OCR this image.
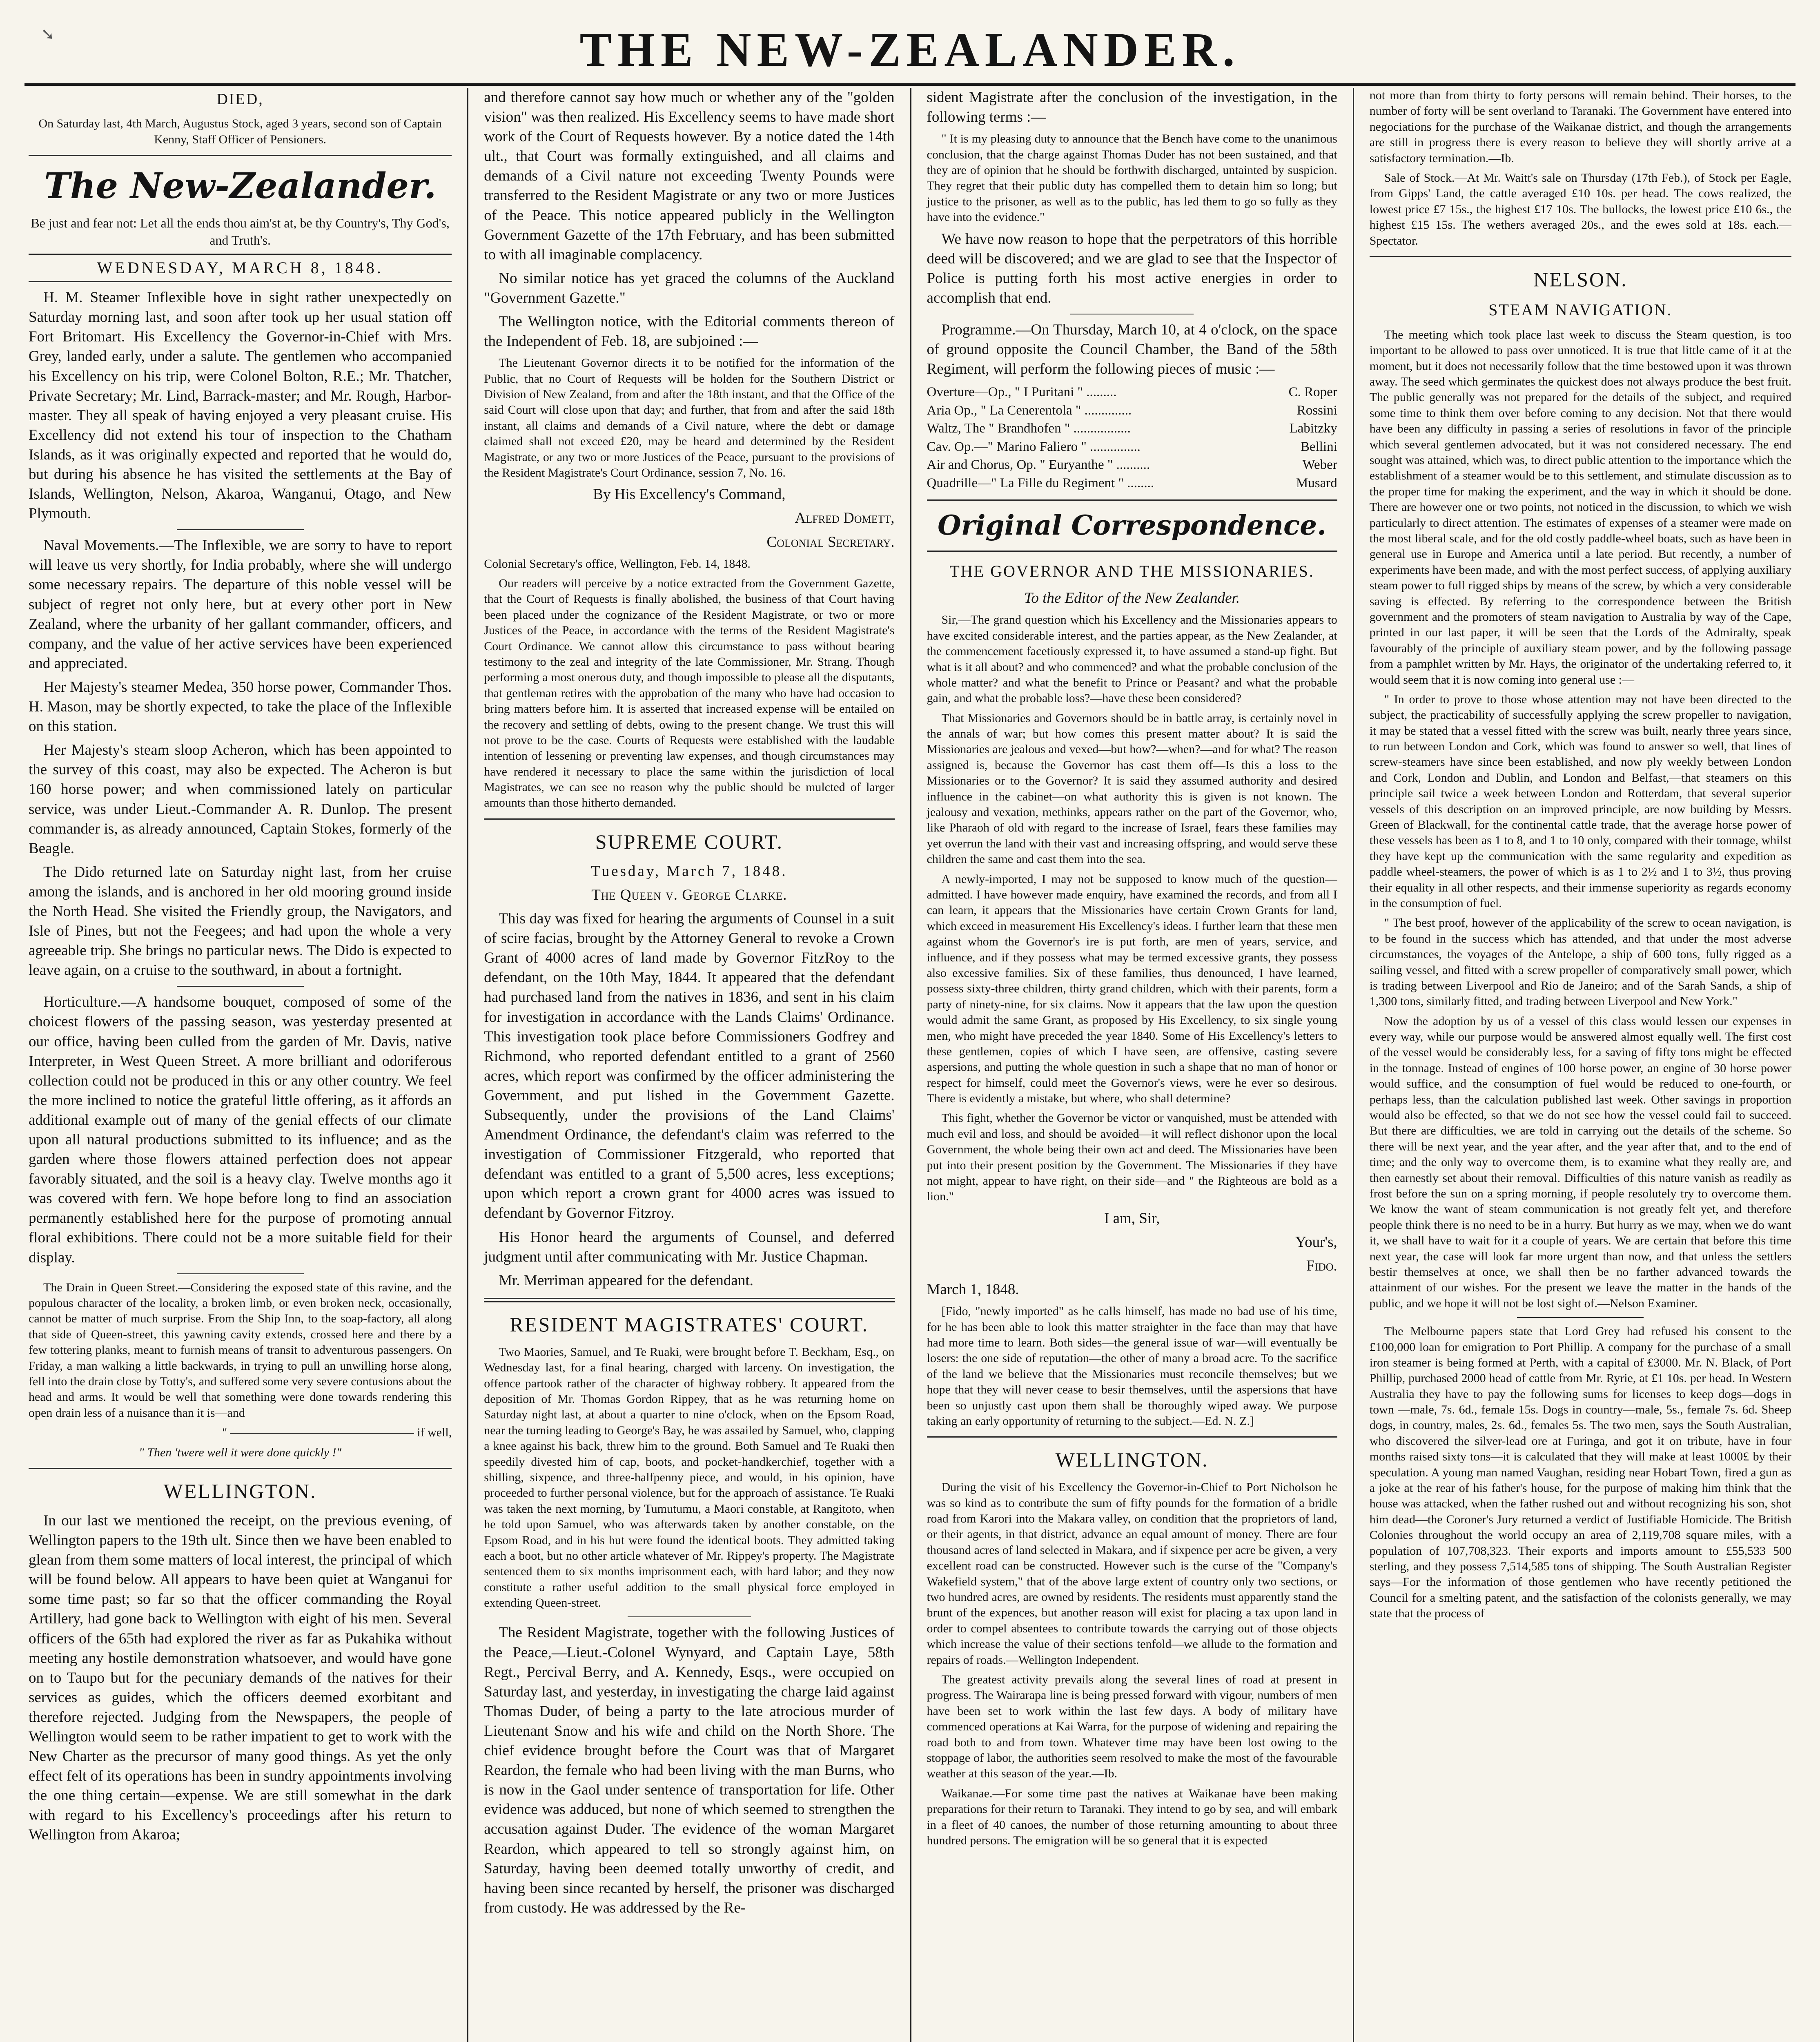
➘	THE NEW-ZEALANDER.
DIED,

On Saturday last, 4th March, Augustus Stock, aged 3 years, second son of Captain Kenny, Staff Officer of Pensioners.

The New-Zealander.

Be just and fear not: Let all the ends thou aim'st at, be thy Country's, Thy God's, and Truth's.

WEDNESDAY, MARCH 8, 1848.

H. M. Steamer Inflexible hove in sight rather unexpectedly on Saturday morning last, and soon after took up her usual station off Fort Britomart. His Excellency the Governor-in-Chief with Mrs. Grey, landed early, under a salute. The gentlemen who accompanied his Excellency on his trip, were Colonel Bolton, R.E.; Mr. Thatcher, Private Secretary; Mr. Lind, Barrack-master; and Mr. Rough, Harbor-master. They all speak of having enjoyed a very pleasant cruise. His Excellency did not extend his tour of inspection to the Chatham Islands, as it was originally expected and reported that he would do, but during his absence he has visited the settlements at the Bay of Islands, Wellington, Nelson, Akaroa, Wanganui, Otago, and New Plymouth.

Naval Movements.—The Inflexible, we are sorry to have to report will leave us very shortly, for India probably, where she will undergo some necessary repairs. The departure of this noble vessel will be subject of regret not only here, but at every other port in New Zealand, where the urbanity of her gallant commander, officers, and company, and the value of her active services have been experienced and appreciated.

Her Majesty's steamer Medea, 350 horse power, Commander Thos. H. Mason, may be shortly expected, to take the place of the Inflexible on this station.

Her Majesty's steam sloop Acheron, which has been appointed to the survey of this coast, may also be expected. The Acheron is but 160 horse power; and when commissioned lately on particular service, was under Lieut.-Commander A. R. Dunlop. The present commander is, as already announced, Captain Stokes, formerly of the Beagle.

The Dido returned late on Saturday night last, from her cruise among the islands, and is anchored in her old mooring ground inside the North Head. She visited the Friendly group, the Navigators, and Isle of Pines, but not the Feegees; and had upon the whole a very agreeable trip. She brings no particular news. The Dido is expected to leave again, on a cruise to the southward, in about a fortnight.

Horticulture.—A handsome bouquet, composed of some of the choicest flowers of the passing season, was yesterday presented at our office, having been culled from the garden of Mr. Davis, native Interpreter, in West Queen Street. A more brilliant and odoriferous collection could not be produced in this or any other country. We feel the more inclined to notice the grateful little offering, as it affords an additional example out of many of the genial effects of our climate upon all natural productions submitted to its influence; and as the garden where those flowers attained perfection does not appear favorably situated, and the soil is a heavy clay. Twelve months ago it was covered with fern. We hope before long to find an association permanently established here for the purpose of promoting annual floral exhibitions. There could not be a more suitable field for their display.

The Drain in Queen Street.—Considering the exposed state of this ravine, and the populous character of the locality, a broken limb, or even broken neck, occasionally, cannot be matter of much surprise. From the Ship Inn, to the soap-factory, all along that side of Queen-street, this yawning cavity extends, crossed here and there by a few tottering planks, meant to furnish means of transit to adventurous passengers. On Friday, a man walking a little backwards, in trying to pull an unwilling horse along, fell into the drain close by Totty's, and suffered some very severe contusions about the head and arms. It would be well that something were done towards rendering this open drain less of a nuisance than it is—and

" ——————————————— if well,

" Then 'twere well it were done quickly !"

WELLINGTON.

In our last we mentioned the receipt, on the previous evening, of Wellington papers to the 19th ult. Since then we have been enabled to glean from them some matters of local interest, the principal of which will be found below. All appears to have been quiet at Wanganui for some time past; so far so that the officer commanding the Royal Artillery, had gone back to Wellington with eight of his men. Several officers of the 65th had explored the river as far as Pukahika without meeting any hostile demonstration whatsoever, and would have gone on to Taupo but for the pecuniary demands of the natives for their services as guides, which the officers deemed exorbitant and therefore rejected. Judging from the Newspapers, the people of Wellington would seem to be rather impatient to get to work with the New Charter as the precursor of many good things. As yet the only effect felt of its operations has been in sundry appointments involving the one thing certain—expense. We are still somewhat in the dark with regard to his Excellency's proceedings after his return to Wellington from Akaroa;

and therefore cannot say how much or whether any of the "golden vision" was then realized. His Excellency seems to have made short work of the Court of Requests however. By a notice dated the 14th ult., that Court was formally extinguished, and all claims and demands of a Civil nature not exceeding Twenty Pounds were transferred to the Resident Magistrate or any two or more Justices of the Peace. This notice appeared publicly in the Wellington Government Gazette of the 17th February, and has been submitted to with all imaginable complacency.

No similar notice has yet graced the columns of the Auckland "Government Gazette."

The Wellington notice, with the Editorial comments thereon of the Independent of Feb. 18, are subjoined :—

The Lieutenant Governor directs it to be notified for the information of the Public, that no Court of Requests will be holden for the Southern District or Division of New Zealand, from and after the 18th instant, and that the Office of the said Court will close upon that day; and further, that from and after the said 18th instant, all claims and demands of a Civil nature, where the debt or damage claimed shall not exceed £20, may be heard and determined by the Resident Magistrate, or any two or more Justices of the Peace, pursuant to the provisions of the Resident Magistrate's Court Ordinance, session 7, No. 16.

By His Excellency's Command,

Alfred Domett,

Colonial Secretary.

Colonial Secretary's office, Wellington, Feb. 14, 1848.

Our readers will perceive by a notice extracted from the Government Gazette, that the Court of Requests is finally abolished, the business of that Court having been placed under the cognizance of the Resident Magistrate, or two or more Justices of the Peace, in accordance with the terms of the Resident Magistrate's Court Ordinance. We cannot allow this circumstance to pass without bearing testimony to the zeal and integrity of the late Commissioner, Mr. Strang. Though performing a most onerous duty, and though impossible to please all the disputants, that gentleman retires with the approbation of the many who have had occasion to bring matters before him. It is asserted that increased expense will be entailed on the recovery and settling of debts, owing to the present change. We trust this will not prove to be the case. Courts of Requests were established with the laudable intention of lessening or preventing law expenses, and though circumstances may have rendered it necessary to place the same within the jurisdiction of local Magistrates, we can see no reason why the public should be mulcted of larger amounts than those hitherto demanded.

SUPREME COURT.

Tuesday, March 7, 1848.

The Queen v. George Clarke.

This day was fixed for hearing the arguments of Counsel in a suit of scire facias, brought by the Attorney General to revoke a Crown Grant of 4000 acres of land made by Governor FitzRoy to the defendant, on the 10th May, 1844. It appeared that the defendant had purchased land from the natives in 1836, and sent in his claim for investigation in accordance with the Lands Claims' Ordinance. This investigation took place before Commissioners Godfrey and Richmond, who reported defendant entitled to a grant of 2560 acres, which report was confirmed by the officer administering the Government, and put lished in the Government Gazette. Subsequently, under the provisions of the Land Claims' Amendment Ordinance, the defendant's claim was referred to the investigation of Commissioner Fitzgerald, who reported that defendant was entitled to a grant of 5,500 acres, less exceptions; upon which report a crown grant for 4000 acres was issued to defendant by Governor Fitzroy.

His Honor heard the arguments of Counsel, and deferred judgment until after communicating with Mr. Justice Chapman.

Mr. Merriman appeared for the defendant.

RESIDENT MAGISTRATES' COURT.

Two Maories, Samuel, and Te Ruaki, were brought before T. Beckham, Esq., on Wednesday last, for a final hearing, charged with larceny. On investigation, the offence partook rather of the character of highway robbery. It appeared from the deposition of Mr. Thomas Gordon Rippey, that as he was returning home on Saturday night last, at about a quarter to nine o'clock, when on the Epsom Road, near the turning leading to George's Bay, he was assailed by Samuel, who, clapping a knee against his back, threw him to the ground. Both Samuel and Te Ruaki then speedily divested him of cap, boots, and pocket-handkerchief, together with a shilling, sixpence, and three-halfpenny piece, and would, in his opinion, have proceeded to further personal violence, but for the approach of assistance. Te Ruaki was taken the next morning, by Tumutumu, a Maori constable, at Rangitoto, when he told upon Samuel, who was afterwards taken by another constable, on the Epsom Road, and in his hut were found the identical boots. They admitted taking each a boot, but no other article whatever of Mr. Rippey's property. The Magistrate sentenced them to six months imprisonment each, with hard labor; and they now constitute a rather useful addition to the small physical force employed in extending Queen-street.

The Resident Magistrate, together with the following Justices of the Peace,—Lieut.-Colonel Wynyard, and Captain Laye, 58th Regt., Percival Berry, and A. Kennedy, Esqs., were occupied on Saturday last, and yesterday, in investigating the charge laid against Thomas Duder, of being a party to the late atrocious murder of Lieutenant Snow and his wife and child on the North Shore. The chief evidence brought before the Court was that of Margaret Reardon, the female who had been living with the man Burns, who is now in the Gaol under sentence of transportation for life. Other evidence was adduced, but none of which seemed to strengthen the accusation against Duder. The evidence of the woman Margaret Reardon, which appeared to tell so strongly against him, on Saturday, having been deemed totally unworthy of credit, and having been since recanted by herself, the prisoner was discharged from custody. He was addressed by the Re-

sident Magistrate after the conclusion of the investigation, in the following terms :—

" It is my pleasing duty to announce that the Bench have come to the unanimous conclusion, that the charge against Thomas Duder has not been sustained, and that they are of opinion that he should be forthwith discharged, untainted by suspicion. They regret that their public duty has compelled them to detain him so long; but justice to the prisoner, as well as to the public, has led them to go so fully as they have into the evidence."

We have now reason to hope that the perpetrators of this horrible deed will be discovered; and we are glad to see that the Inspector of Police is putting forth his most active energies in order to accomplish that end.

Programme.—On Thursday, March 10, at 4 o'clock, on the space of ground opposite the Council Chamber, the Band of the 58th Regiment, will perform the following pieces of music :—

Overture—Op., " I Puritani " .........	C. Roper
Aria Op., " La Cenerentola " ..............	Rossini
Waltz, The " Brandhofen " .................	Labitzky
Cav. Op.—" Marino Faliero " ...............	Bellini
Air and Chorus, Op. " Euryanthe " ..........	Weber
Quadrille—" La Fille du Regiment " ........	Musard
Original Correspondence.
THE GOVERNOR AND THE MISSIONARIES.

To the Editor of the New Zealander.

Sir,—The grand question which his Excellency and the Missionaries appears to have excited considerable interest, and the parties appear, as the New Zealander, at the commencement facetiously expressed it, to have assumed a stand-up fight. But what is it all about? and who commenced? and what the probable conclusion of the whole matter? and what the benefit to Prince or Peasant? and what the probable gain, and what the probable loss?—have these been considered?

That Missionaries and Governors should be in battle array, is certainly novel in the annals of war; but how comes this present matter about? It is said the Missionaries are jealous and vexed—but how?—when?—and for what? The reason assigned is, because the Governor has cast them off—Is this a loss to the Missionaries or to the Governor? It is said they assumed authority and desired influence in the cabinet—on what authority this is given is not known. The jealousy and vexation, methinks, appears rather on the part of the Governor, who, like Pharaoh of old with regard to the increase of Israel, fears these families may yet overrun the land with their vast and increasing offspring, and would serve these children the same and cast them into the sea.

A newly-imported, I may not be supposed to know much of the question—admitted. I have however made enquiry, have examined the records, and from all I can learn, it appears that the Missionaries have certain Crown Grants for land, which exceed in measurement His Excellency's ideas. I further learn that these men against whom the Governor's ire is put forth, are men of years, service, and influence, and if they possess what may be termed excessive grants, they possess also excessive families. Six of these families, thus denounced, I have learned, possess sixty-three children, thirty grand children, which with their parents, form a party of ninety-nine, for six claims. Now it appears that the law upon the question would admit the same Grant, as proposed by His Excellency, to six single young men, who might have preceded the year 1840. Some of His Excellency's letters to these gentlemen, copies of which I have seen, are offensive, casting severe aspersions, and putting the whole question in such a shape that no man of honor or respect for himself, could meet the Governor's views, were he ever so desirous. There is evidently a mistake, but where, who shall determine?

This fight, whether the Governor be victor or vanquished, must be attended with much evil and loss, and should be avoided—it will reflect dishonor upon the local Government, the whole being their own act and deed. The Missionaries have been put into their present position by the Government. The Missionaries if they have not might, appear to have right, on their side—and " the Righteous are bold as a lion."

I am, Sir,

Your's,

Fido.

March 1, 1848.

[Fido, "newly imported" as he calls himself, has made no bad use of his time, for he has been able to look this matter straighter in the face than may that have had more time to learn. Both sides—the general issue of war—will eventually be losers: the one side of reputation—the other of many a broad acre. To the sacrifice of the land we believe that the Missionaries must reconcile themselves; but we hope that they will never cease to besir themselves, until the aspersions that have been so unjustly cast upon them shall be thoroughly wiped away. We purpose taking an early opportunity of returning to the subject.—Ed. N. Z.]

WELLINGTON.

During the visit of his Excellency the Governor-in-Chief to Port Nicholson he was so kind as to contribute the sum of fifty pounds for the formation of a bridle road from Karori into the Makara valley, on condition that the proprietors of land, or their agents, in that district, advance an equal amount of money. There are four thousand acres of land selected in Makara, and if sixpence per acre be given, a very excellent road can be constructed. However such is the curse of the "Company's Wakefield system," that of the above large extent of country only two sections, or two hundred acres, are owned by residents. The residents must apparently stand the brunt of the expences, but another reason will exist for placing a tax upon land in order to compel absentees to contribute towards the carrying out of those objects which increase the value of their sections tenfold—we allude to the formation and repairs of roads.—Wellington Independent.

The greatest activity prevails along the several lines of road at present in progress. The Wairarapa line is being pressed forward with vigour, numbers of men have been set to work within the last few days. A body of military have commenced operations at Kai Warra, for the purpose of widening and repairing the road both to and from town. Whatever time may have been lost owing to the stoppage of labor, the authorities seem resolved to make the most of the favourable weather at this season of the year.—Ib.

Waikanae.—For some time past the natives at Waikanae have been making preparations for their return to Taranaki. They intend to go by sea, and will embark in a fleet of 40 canoes, the number of those returning amounting to about three hundred persons. The emigration will be so general that it is expected

not more than from thirty to forty persons will remain behind. Their horses, to the number of forty will be sent overland to Taranaki. The Government have entered into negociations for the purchase of the Waikanae district, and though the arrangements are still in progress there is every reason to believe they will shortly arrive at a satisfactory termination.—Ib.

Sale of Stock.—At Mr. Waitt's sale on Thursday (17th Feb.), of Stock per Eagle, from Gipps' Land, the cattle averaged £10 10s. per head. The cows realized, the lowest price £7 15s., the highest £17 10s. The bullocks, the lowest price £10 6s., the highest £15 15s. The wethers averaged 20s., and the ewes sold at 18s. each.—Spectator.

NELSON.
STEAM NAVIGATION.

The meeting which took place last week to discuss the Steam question, is too important to be allowed to pass over unnoticed. It is true that little came of it at the moment, but it does not necessarily follow that the time bestowed upon it was thrown away. The seed which germinates the quickest does not always produce the best fruit. The public generally was not prepared for the details of the subject, and required some time to think them over before coming to any decision. Not that there would have been any difficulty in passing a series of resolutions in favor of the principle which several gentlemen advocated, but it was not considered necessary. The end sought was attained, which was, to direct public attention to the importance which the establishment of a steamer would be to this settlement, and stimulate discussion as to the proper time for making the experiment, and the way in which it should be done. There are however one or two points, not noticed in the discussion, to which we wish particularly to direct attention. The estimates of expenses of a steamer were made on the most liberal scale, and for the old costly paddle-wheel boats, such as have been in general use in Europe and America until a late period. But recently, a number of experiments have been made, and with the most perfect success, of applying auxiliary steam power to full rigged ships by means of the screw, by which a very considerable saving is effected. By referring to the correspondence between the British government and the promoters of steam navigation to Australia by way of the Cape, printed in our last paper, it will be seen that the Lords of the Admiralty, speak favourably of the principle of auxiliary steam power, and by the following passage from a pamphlet written by Mr. Hays, the originator of the undertaking referred to, it would seem that it is now coming into general use :—

" In order to prove to those whose attention may not have been directed to the subject, the practicability of successfully applying the screw propeller to navigation, it may be stated that a vessel fitted with the screw was built, nearly three years since, to run between London and Cork, which was found to answer so well, that lines of screw-steamers have since been established, and now ply weekly between London and Cork, London and Dublin, and London and Belfast,—that steamers on this principle sail twice a week between London and Rotterdam, that several superior vessels of this description on an improved principle, are now building by Messrs. Green of Blackwall, for the continental cattle trade, that the average horse power of these vessels has been as 1 to 8, and 1 to 10 only, compared with their tonnage, whilst they have kept up the communication with the same regularity and expedition as paddle wheel-steamers, the power of which is as 1 to 2½ and 1 to 3½, thus proving their equality in all other respects, and their immense superiority as regards economy in the consumption of fuel.

" The best proof, however of the applicability of the screw to ocean navigation, is to be found in the success which has attended, and that under the most adverse circumstances, the voyages of the Antelope, a ship of 600 tons, fully rigged as a sailing vessel, and fitted with a screw propeller of comparatively small power, which is trading between Liverpool and Rio de Janeiro; and of the Sarah Sands, a ship of 1,300 tons, similarly fitted, and trading between Liverpool and New York."

Now the adoption by us of a vessel of this class would lessen our expenses in every way, while our purpose would be answered almost equally well. The first cost of the vessel would be considerably less, for a saving of fifty tons might be effected in the tonnage. Instead of engines of 100 horse power, an engine of 30 horse power would suffice, and the consumption of fuel would be reduced to one-fourth, or perhaps less, than the calculation published last week. Other savings in proportion would also be effected, so that we do not see how the vessel could fail to succeed. But there are difficulties, we are told in carrying out the details of the scheme. So there will be next year, and the year after, and the year after that, and to the end of time; and the only way to overcome them, is to examine what they really are, and then earnestly set about their removal. Difficulties of this nature vanish as readily as frost before the sun on a spring morning, if people resolutely try to overcome them. We know the want of steam communication is not greatly felt yet, and therefore people think there is no need to be in a hurry. But hurry as we may, when we do want it, we shall have to wait for it a couple of years. We are certain that before this time next year, the case will look far more urgent than now, and that unless the settlers bestir themselves at once, we shall then be no farther advanced towards the attainment of our wishes. For the present we leave the matter in the hands of the public, and we hope it will not be lost sight of.—Nelson Examiner.

The Melbourne papers state that Lord Grey had refused his consent to the £100,000 loan for emigration to Port Phillip. A company for the purchase of a small iron steamer is being formed at Perth, with a capital of £3000. Mr. N. Black, of Port Phillip, purchased 2000 head of cattle from Mr. Ryrie, at £1 10s. per head. In Western Australia they have to pay the following sums for licenses to keep dogs—dogs in town —male, 7s. 6d., female 15s. Dogs in country—male, 5s., female 7s. 6d. Sheep dogs, in country, males, 2s. 6d., females 5s. The two men, says the South Australian, who discovered the silver-lead ore at Furinga, and got it on tribute, have in four months raised sixty tons—it is calculated that they will make at least 1000£ by their speculation. A young man named Vaughan, residing near Hobart Town, fired a gun as a joke at the rear of his father's house, for the purpose of making him think that the house was attacked, when the father rushed out and without recognizing his son, shot him dead—the Coroner's Jury returned a verdict of Justifiable Homicide. The British Colonies throughout the world occupy an area of 2,119,708 square miles, with a population of 107,708,323. Their exports and imports amount to £55,533 500 sterling, and they possess 7,514,585 tons of shipping. The South Australian Register says—For the information of those gentlemen who have recently petitioned the Council for a smelting patent, and the satisfaction of the colonists generally, we may state that the process of
